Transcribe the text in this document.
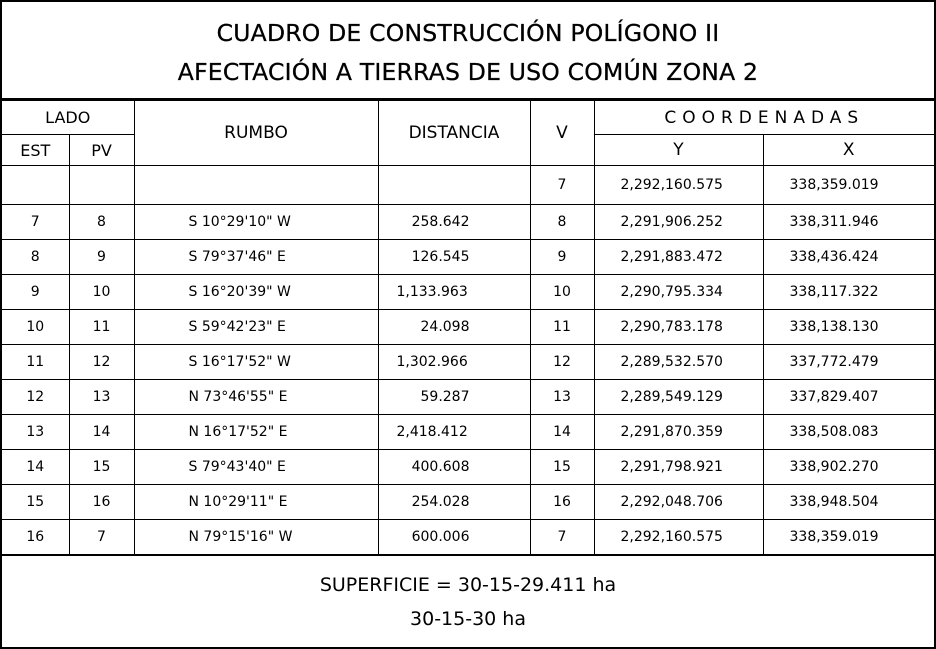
CUADRO DE CONSTRUCCIÓN POLÍGONO II
AFECTACIÓN A TIERRAS DE USO COMÚN ZONA 2
LADO		RUMBO	DISTANCIA	V	COORDENADAS	
EST	PV				Y	X
				7	2,292,160.575	338,359.019
7	8	S 10°29'10" W	258.642	8	2,291,906.252	338,311.946
8	9	S 79°37'46" E	126.545	9	2,291,883.472	338,436.424
9	10	S 16°20'39" W	1,133.963	10	2,290,795.334	338,117.322
10	11	S 59°42'23" E	24.098	11	2,290,783.178	338,138.130
11	12	S 16°17'52" W	1,302.966	12	2,289,532.570	337,772.479
12	13	N 73°46'55" E	59.287	13	2,289,549.129	337,829.407
13	14	N 16°17'52" E	2,418.412	14	2,291,870.359	338,508.083
14	15	S 79°43'40" E	400.608	15	2,291,798.921	338,902.270
15	16	N 10°29'11" E	254.028	16	2,292,048.706	338,948.504
16	7	N 79°15'16" W	600.006	7	2,292,160.575	338,359.019
SUPERFICIE = 30-15-29.411 ha
30-15-30 ha
